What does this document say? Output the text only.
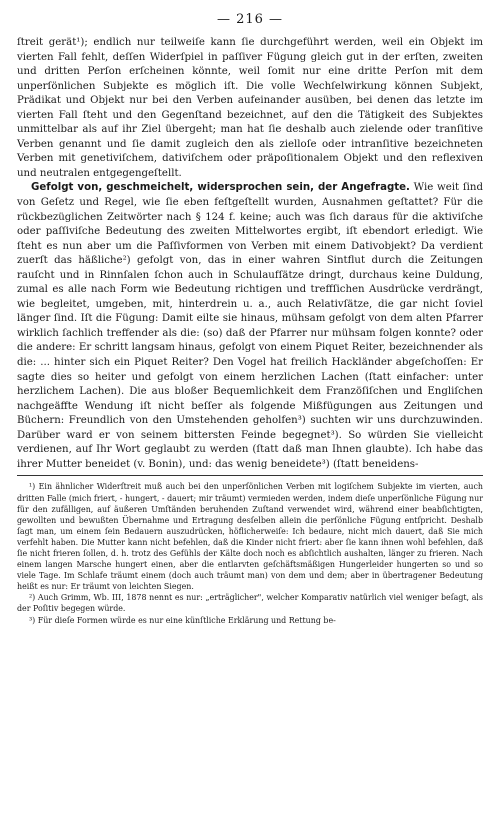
— 216 —

ſtreit gerät¹); endlich nur teilweiſe kann ſie durchgeführt werden, weil ein Objekt im vierten Fall fehlt, deſſen Widerſpiel in paſſiver Fügung gleich gut in der erſten, zweiten und dritten Perſon erſcheinen könnte, weil ſomit nur eine dritte Perſon mit dem unperſönlichen Subjekte es möglich iſt. Die volle Wechſelwirkung können Subjekt, Prädikat und Objekt nur bei den Verben aufeinander ausüben, bei denen das letzte im vierten Fall ſteht und den Gegenſtand bezeichnet, auf den die Tätigkeit des Subjektes unmittelbar als auf ihr Ziel übergeht; man hat ſie deshalb auch zielende oder tranſitive Verben genannt und ſie damit zugleich den als zielloſe oder intranſitive bezeichneten Verben mit genetiviſchem, dativiſchem oder präpoſitionalem Objekt und den reflexiven und neutralen entgegengeſtellt.

Gefolgt von, geschmeichelt, widersprochen sein, der Angefragte. Wie weit ſind von Geſetz und Regel, wie ſie eben feſtgeſtellt wurden, Ausnahmen geſtattet? Für die rückbezüglichen Zeitwörter nach § 124 f. keine; auch was ſich daraus für die aktiviſche oder paſſiviſche Bedeutung des zweiten Mittelwortes ergibt, iſt ebendort erledigt. Wie ſteht es nun aber um die Paſſivformen von Verben mit einem Dativobjekt? Da verdient zuerſt das häßliche²) gefolgt von, das in einer wahren Sintflut durch die Zeitungen rauſcht und in Rinnſalen ſchon auch in Schulaufſätze dringt, durchaus keine Duldung, zumal es alle nach Form wie Bedeutung richtigen und treffſichen Ausdrücke verdrängt, wie begleitet, umgeben, mit, hinterdrein u. a., auch Relativſätze, die gar nicht ſoviel länger ſind. Iſt die Fügung: Damit eilte sie hinaus, mühsam gefolgt von dem alten Pfarrer wirklich ſachlich treffender als die: (so) daß der Pfarrer nur mühsam folgen konnte? oder die andere: Er schritt langsam hinaus, gefolgt von einem Piquet Reiter, bezeichnender als die: ... hinter sich ein Piquet Reiter? Den Vogel hat freilich Hackländer abgeſchoſſen: Er sagte dies so heiter und gefolgt von einem herzlichen Lachen (ſtatt einfacher: unter herzlichem Lachen). Die aus bloßer Bequemlichkeit dem Franzöſiſchen und Engliſchen nachgeäffte Wendung iſt nicht beſſer als folgende Mißfügungen aus Zeitungen und Büchern: Freundlich von den Umstehenden geholfen³) suchten wir uns durchzuwinden. Darüber ward er von seinem bittersten Feinde begegnet³). So würden Sie vielleicht verdienen, auf Ihr Wort geglaubt zu werden (ſtatt daß man Ihnen glaubte). Ich habe das ihrer Mutter beneidet (v. Bonin), und: das wenig beneidete³) (ſtatt beneidens-

¹) Ein ähnlicher Widerſtreit muß auch bei den unperſönlichen Verben mit logiſchem Subjekte im vierten, auch dritten Falle (mich friert, - hungert, - dauert; mir träumt) vermieden werden, indem dieſe unperſönliche Fügung nur für den zufälligen, auf äußeren Umſtänden beruhenden Zuſtand verwendet wird, während einer beabſichtigten, gewollten und bewußten Übernahme und Ertragung desſelben allein die perſönliche Fügung entſpricht. Deshalb ſagt man, um einem ſein Bedauern auszudrücken, höflicherweiſe: Ich bedaure, nicht mich dauert, daß Sie mich verfehlt haben. Die Mutter kann nicht befehlen, daß die Kinder nicht friert: aber ſie kann ihnen wohl befehlen, daß ſie nicht frieren ſollen, d. h. trotz des Gefühls der Kälte doch noch es abſichtlich aushalten, länger zu frieren. Nach einem langen Marsche hungert einen, aber die entlarvten geſchäftsmäßigen Hungerleider hungerten so und so viele Tage. Im Schlafe träumt einem (doch auch träumt man) von dem und dem; aber in übertragener Bedeutung heißt es nur: Er träumt von leichten Siegen.

²) Auch Grimm, Wb. III, 1878 nennt es nur: „erträglicher", welcher Komparativ natürlich viel weniger beſagt, als der Poſitiv begegen würde.

³) Für dieſe Formen würde es nur eine künſtliche Erklärung und Rettung be-
